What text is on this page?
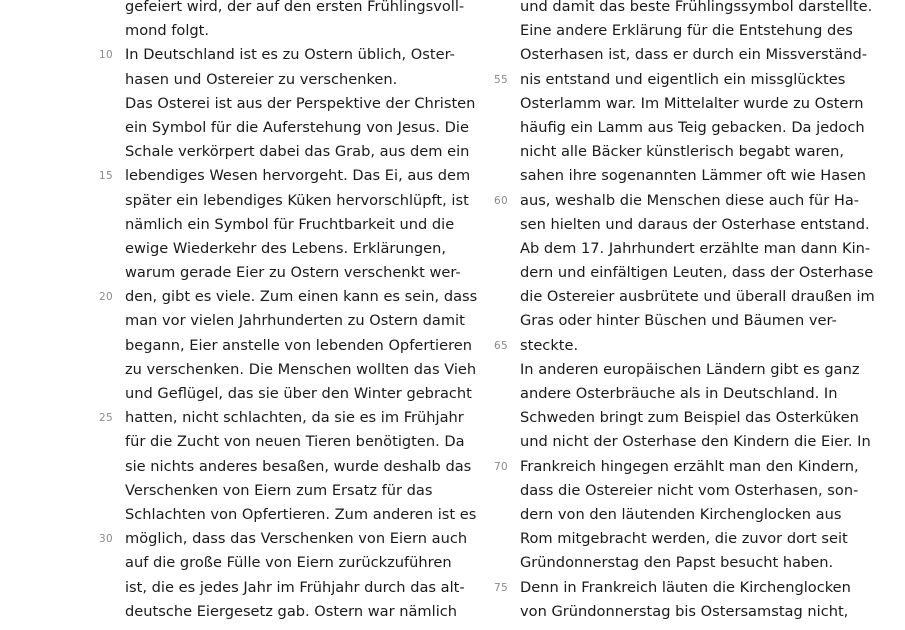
gefeiert wird, der auf den ersten Frühlingsvoll-
mond folgt.
10 In Deutschland ist es zu Ostern üblich, Oster-
hasen und Ostereier zu verschenken.
Das Osterei ist aus der Perspektive der Christen
ein Symbol für die Auferstehung von Jesus. Die
Schale verkörpert dabei das Grab, aus dem ein
15 lebendiges Wesen hervorgeht. Das Ei, aus dem
später ein lebendiges Küken hervorschlüpft, ist
nämlich ein Symbol für Fruchtbarkeit und die
ewige Wiederkehr des Lebens. Erklärungen,
warum gerade Eier zu Ostern verschenkt wer-
20 den, gibt es viele. Zum einen kann es sein, dass
man vor vielen Jahrhunderten zu Ostern damit
begann, Eier anstelle von lebenden Opfertieren
zu verschenken. Die Menschen wollten das Vieh
und Geflügel, das sie über den Winter gebracht
25 hatten, nicht schlachten, da sie es im Frühjahr
für die Zucht von neuen Tieren benötigten. Da
sie nichts anderes besaßen, wurde deshalb das
Verschenken von Eiern zum Ersatz für das
Schlachten von Opfertieren. Zum anderen ist es
30 möglich, dass das Verschenken von Eiern auch
auf die große Fülle von Eiern zurückzuführen
ist, die es jedes Jahr im Frühjahr durch das alt-
deutsche Eiergesetz gab. Ostern war nämlich
und damit das beste Frühlingssymbol darstellte.
Eine andere Erklärung für die Entstehung des
Osterhasen ist, dass er durch ein Missverständ-
55 nis entstand und eigentlich ein missglücktes
Osterlamm war. Im Mittelalter wurde zu Ostern
häufig ein Lamm aus Teig gebacken. Da jedoch
nicht alle Bäcker künstlerisch begabt waren,
sahen ihre sogenannten Lämmer oft wie Hasen
60 aus, weshalb die Menschen diese auch für Ha-
sen hielten und daraus der Osterhase entstand.
Ab dem 17. Jahrhundert erzählte man dann Kin-
dern und einfältigen Leuten, dass der Osterhase
die Ostereier ausbrütete und überall draußen im
Gras oder hinter Büschen und Bäumen ver-
65 steckte.
In anderen europäischen Ländern gibt es ganz
andere Osterbräuche als in Deutschland. In
Schweden bringt zum Beispiel das Osterküken
und nicht der Osterhase den Kindern die Eier. In
70 Frankreich hingegen erzählt man den Kindern,
dass die Ostereier nicht vom Osterhasen, son-
dern von den läutenden Kirchenglocken aus
Rom mitgebracht werden, die zuvor dort seit
Gründonnerstag den Papst besucht haben.
75 Denn in Frankreich läuten die Kirchenglocken
von Gründonnerstag bis Ostersamstag nicht,
